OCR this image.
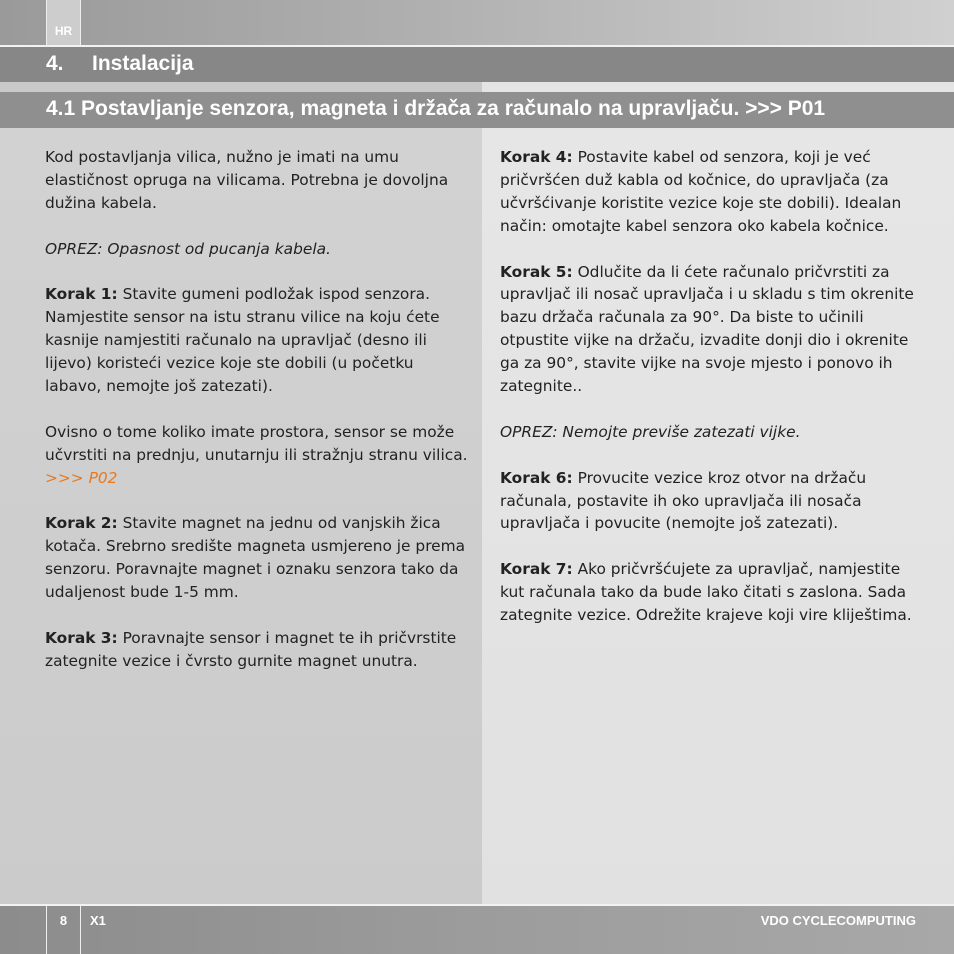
HR
4. Instalacija
4.1 Postavljanje senzora, magneta i držača za računalo na upravljaču. >>> P01

Kod postavljanja vilica, nužno je imati na umu elastičnost opruga na vilicama. Potrebna je dovoljna dužina kabela.

OPREZ: Opasnost od pucanja kabela.

Korak 1: Stavite gumeni podložak ispod senzora. Namjestite sensor na istu stranu vilice na koju ćete kasnije namjestiti računalo na upravljač (desno ili lijevo) koristeći vezice koje ste dobili (u početku labavo, nemojte još zatezati).

Ovisno o tome koliko imate prostora, sensor se može učvrstiti na prednju, unutarnju ili stražnju stranu vilica. >>> P02

Korak 2: Stavite magnet na jednu od vanjskih žica kotača. Srebrno središte magneta usmjereno je prema senzoru. Poravnajte magnet i oznaku senzora tako da udaljenost bude 1-5 mm.

Korak 3: Poravnajte sensor i magnet te ih pričvrstite zategnite vezice i čvrsto gurnite magnet unutra.

Korak 4: Postavite kabel od senzora, koji je već pričvršćen duž kabla od kočnice, do upravljača (za učvršćivanje koristite vezice koje ste dobili). Idealan način: omotajte kabel senzora oko kabela kočnice.

Korak 5: Odlučite da li ćete računalo pričvrstiti za upravljač ili nosač upravljača i u skladu s tim okrenite bazu držača računala za 90°. Da biste to učinili otpustite vijke na držaču, izvadite donji dio i okrenite ga za 90°, stavite vijke na svoje mjesto i ponovo ih zategnite..

OPREZ: Nemojte previše zatezati vijke.

Korak 6: Provucite vezice kroz otvor na držaču računala, postavite ih oko upravljača ili nosača upravljača i povucite (nemojte još zatezati).

Korak 7: Ako pričvršćujete za upravljač, namjestite kut računala tako da bude lako čitati s zaslona. Sada zategnite vezice. Odrežite krajeve koji vire kliještima.

8	X1	VDO CYCLECOMPUTING
